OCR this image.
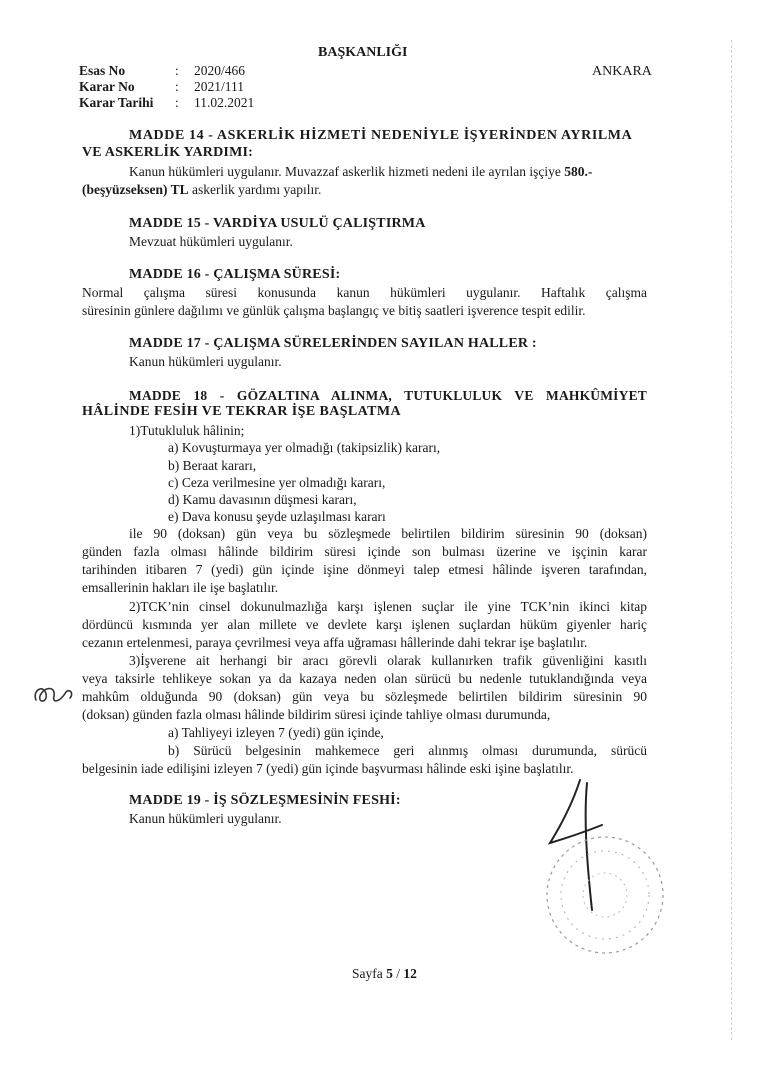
BAŞKANLIĞI
ANKARA
Esas No	: 2020/466
Karar No	: 2021/111
Karar Tarihi : 11.02.2021
MADDE 14 - ASKERLİK HİZMETİ NEDENİYLE İŞYERİNDEN AYRILMA
VE ASKERLİK YARDIMI:
Kanun hükümleri uygulanır. Muvazzaf askerlik hizmeti nedeni ile ayrılan işçiye 580.-
(beşyüzseksen) TL askerlik yardımı yapılır.
MADDE 15 - VARDİYA USULÜ ÇALIŞTIRMA
Mevzuat hükümleri uygulanır.
MADDE 16 - ÇALIŞMA SÜRESİ:
Normal çalışma süresi konusunda kanun hükümleri uygulanır. Haftalık çalışma
süresinin günlere dağılımı ve günlük çalışma başlangıç ve bitiş saatleri işverence tespit edilir.
MADDE 17 - ÇALIŞMA SÜRELERİNDEN SAYILAN HALLER :
Kanun hükümleri uygulanır.
MADDE 18 - GÖZALTINA ALINMA, TUTUKLULUK VE MAHKÛMİYET
HÂLİNDE FESİH VE TEKRAR İŞE BAŞLATMA
1)Tutukluluk hâlinin;
a) Kovuşturmaya yer olmadığı (takipsizlik) kararı,
b) Beraat kararı,
c) Ceza verilmesine yer olmadığı kararı,
d) Kamu davasının düşmesi kararı,
e) Dava konusu şeyde uzlaşılması kararı
ile 90 (doksan) gün veya bu sözleşmede belirtilen bildirim süresinin 90 (doksan)
günden fazla olması hâlinde bildirim süresi içinde son bulması üzerine ve işçinin karar
tarihinden itibaren 7 (yedi) gün içinde işine dönmeyi talep etmesi hâlinde işveren tarafından,
emsallerinin hakları ile işe başlatılır.
2)TCK’nin cinsel dokunulmazlığa karşı işlenen suçlar ile yine TCK’nin ikinci kitap
dördüncü kısmında yer alan millete ve devlete karşı işlenen suçlardan hüküm giyenler hariç
cezanın ertelenmesi, paraya çevrilmesi veya affa uğraması hâllerinde dahi tekrar işe başlatılır.
3)İşverene ait herhangi bir aracı görevli olarak kullanırken trafik güvenliğini kasıtlı
veya taksirle tehlikeye sokan ya da kazaya neden olan sürücü bu nedenle tutuklandığında veya
mahkûm olduğunda 90 (doksan) gün veya bu sözleşmede belirtilen bildirim süresinin 90
(doksan) günden fazla olması hâlinde bildirim süresi içinde tahliye olması durumunda,
a) Tahliyeyi izleyen 7 (yedi) gün içinde,
b) Sürücü belgesinin mahkemece geri alınmış olması durumunda, sürücü
belgesinin iade edilişini izleyen 7 (yedi) gün içinde başvurması hâlinde eski işine başlatılır.
MADDE 19 - İŞ SÖZLEŞMESİNİN FESHİ:
Kanun hükümleri uygulanır.
Sayfa 5 / 12
